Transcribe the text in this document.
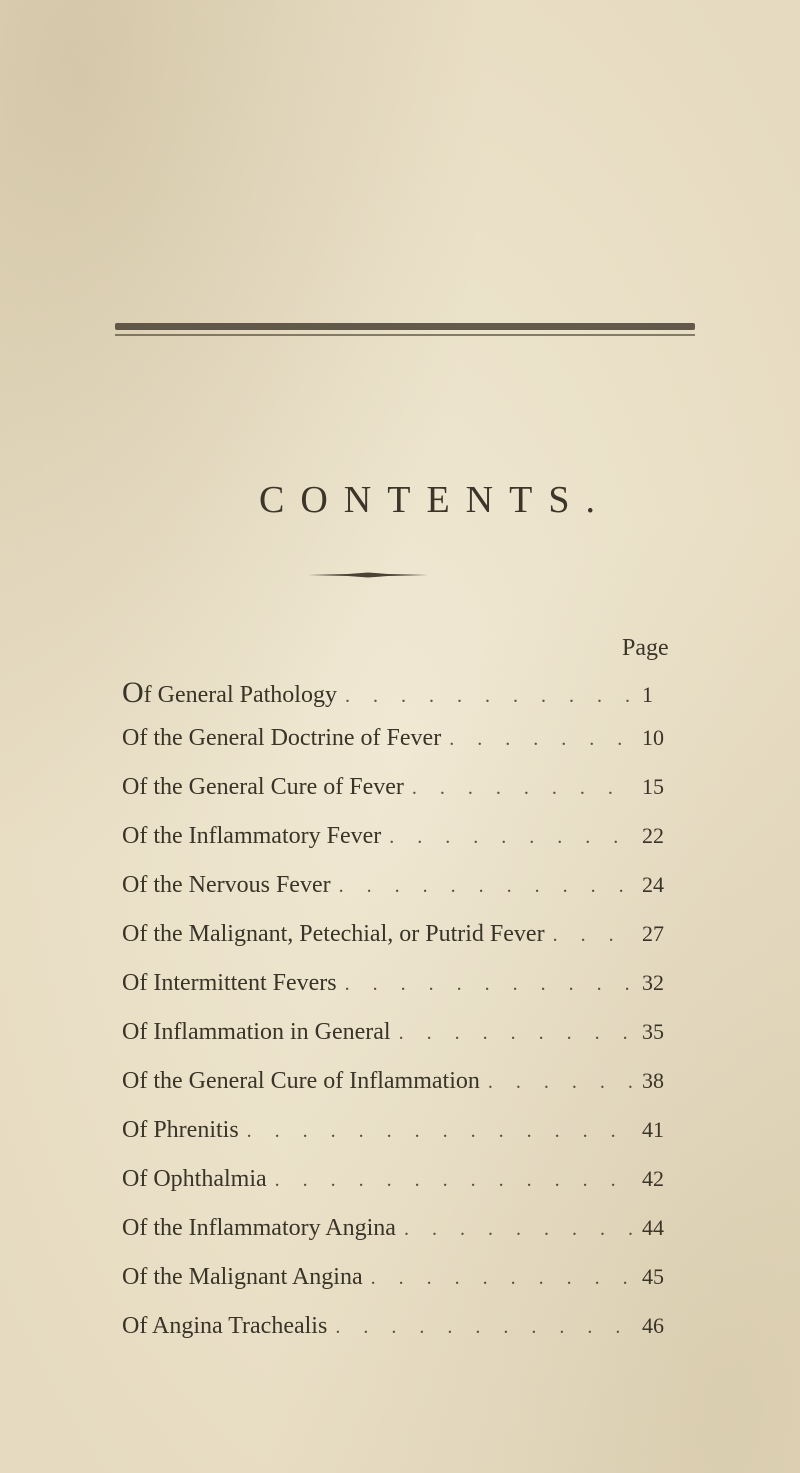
CONTENTS.
Page
Of General Pathology . . .	1
Of the General Doctrine of Fever . . .	10
Of the General Cure of Fever . . .	15
Of the Inflammatory Fever . . .	22
Of the Nervous Fever . . .	24
Of the Malignant, Petechial, or Putrid Fever . . .	27
Of Intermittent Fevers . . .	32
Of Inflammation in General . . .	35
Of the General Cure of Inflammation . . .	38
Of Phrenitis . . .	41
Of Ophthalmia . . .	42
Of the Inflammatory Angina . . .	44
Of the Malignant Angina . . .	45
Of Angina Trachealis . . .	46
